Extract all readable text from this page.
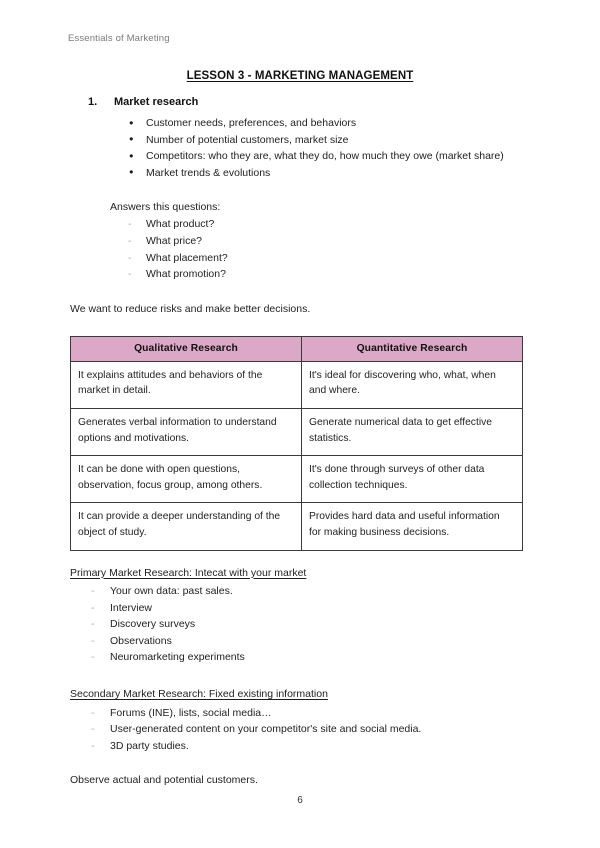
Essentials of Marketing
LESSON 3 - MARKETING MANAGEMENT
1.	Market research
● Customer needs, preferences, and behaviors
● Number of potential customers, market size
● Competitors: who they are, what they do, how much they owe (market share)
● Market trends & evolutions
Answers this questions:
- What product?
- What price?
- What placement?
- What promotion?
We want to reduce risks and make better decisions.
Qualitative Research	Quantitative Research
It explains attitudes and behaviors of the market in detail.	It's ideal for discovering who, what, when and where.
Generates verbal information to understand options and motivations.	Generate numerical data to get effective statistics.
It can be done with open questions, observation, focus group, among others.	It's done through surveys of other data collection techniques.
It can provide a deeper understanding of the object of study.	Provides hard data and useful information for making business decisions.
Primary Market Research: Intecat with your market
- Your own data: past sales.
- Interview
- Discovery surveys
- Observations
- Neuromarketing experiments
Secondary Market Research: Fixed existing information
- Forums (INE), lists, social media…
- User-generated content on your competitor's site and social media.
- 3D party studies.
Observe actual and potential customers.
6
